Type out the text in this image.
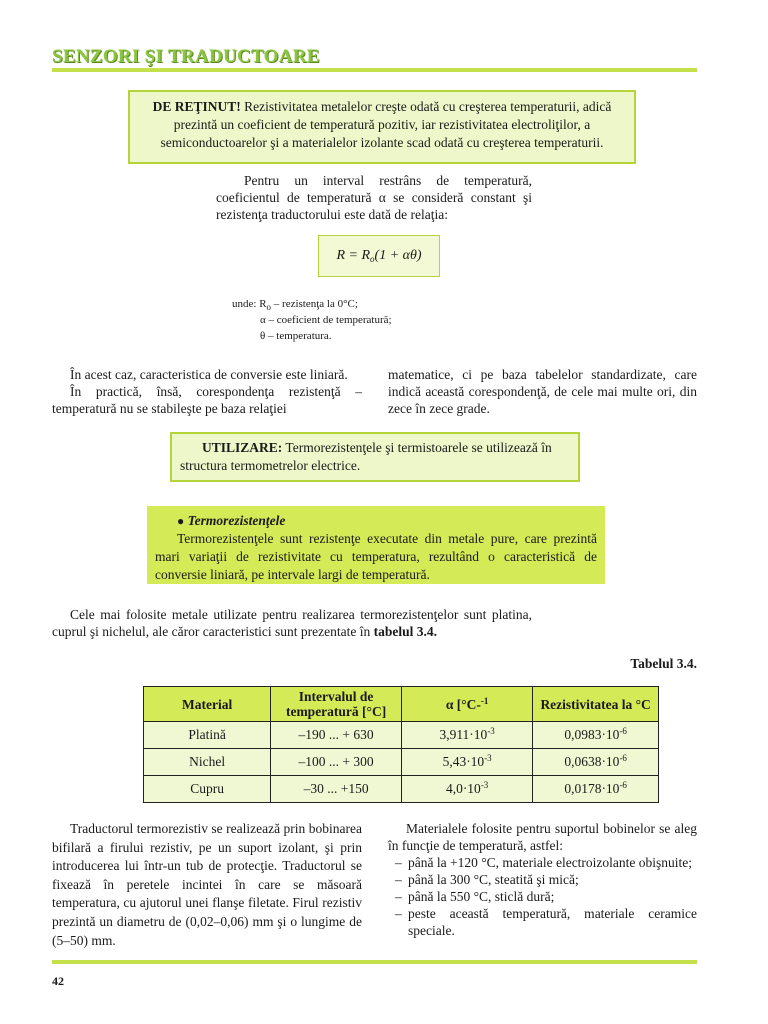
SENZORI ŞI TRADUCTOARE
DE REŢINUT! Rezistivitatea metalelor creşte odată cu creşterea temperaturii, adică prezintă un coeficient de temperatură pozitiv, iar rezistivitatea electroliţilor, a semiconductoarelor şi a materialelor izolante scad odată cu creşterea temperaturii.
Pentru un interval restrâns de temperatură, coeficientul de temperatură α se consideră constant şi rezistenţa traductorului este dată de relaţia:
$R = R_o(1 + \alpha\theta)$
unde: $R_o$ – rezistenţa la 0°C;
α – coeficient de temperatură;
θ – temperatura.
În acest caz, caracteristica de conversie este liniară.
În practică, însă, corespondenţa rezistenţă – temperatură nu se stabileşte pe baza relaţiei
matematice, ci pe baza tabelelor standardizate, care indică această corespondenţă, de cele mai multe ori, din zece în zece grade.
UTILIZARE: Termorezistenţele şi termistoarele se utilizează în structura termometrelor electrice.
● Termorezistenţele
Termorezistenţele sunt rezistenţe executate din metale pure, care prezintă mari variaţii de rezistivitate cu temperatura, rezultând o caracteristică de conversie liniară, pe intervale largi de temperatură.
Cele mai folosite metale utilizate pentru realizarea termorezistenţelor sunt platina, cuprul şi nichelul, ale căror caracteristici sunt prezentate în tabelul 3.4.
Tabelul 3.4.
Material	Intervalul de temperatură [°C]	α [°C-$^{-1}$	Rezistivitatea la °C
Platină	–190 ... + 630	$3,911\cdot 10^{-3}$	$0,0983\cdot 10^{-6}$
Nichel	–100 ... + 300	$5,43\cdot 10^{-3}$	$0,0638\cdot 10^{-6}$
Cupru	–30 ... +150	$4,0\cdot 10^{-3}$	$0,0178\cdot 10^{-6}$
Traductorul termorezistiv se realizează prin bobinarea bifilară a firului rezistiv, pe un suport izolant, şi prin introducerea lui într-un tub de protecţie. Traductorul se fixează în peretele incintei în care se măsoară temperatura, cu ajutorul unei flanşe filetate. Firul rezistiv prezintă un diametru de (0,02–0,06) mm şi o lungime de (5–50) mm.
Materialele folosite pentru suportul bobinelor se aleg în funcţie de temperatură, astfel:
– până la +120 °C, materiale electroizolante obişnuite;
– până la 300 °C, steatită şi mică;
– până la 550 °C, sticlă dură;
– peste această temperatură, materiale ceramice speciale.
42
